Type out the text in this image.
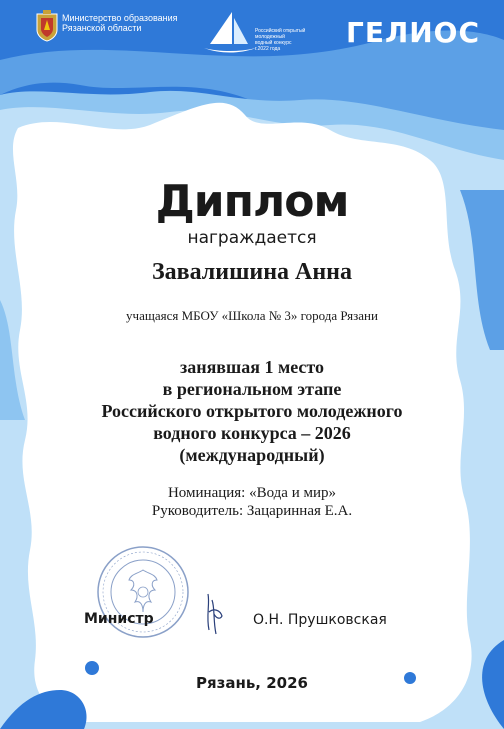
Министерство образования
Рязанской области	Российский открытый
молодежный
водный конкурс
г.2022 года	ГЕЛИОС
Диплом
награждается
Завалишина Анна
учащаяся МБОУ «Школа № 3» города Рязани
занявшая 1 место
в региональном этапе
Российского открытого молодежного
водного конкурса – 2026
(международный)
Номинация: «Вода и мир»
Руководитель: Зацаринная Е.А.
Министр	О.Н. Прушковская
Рязань, 2026
